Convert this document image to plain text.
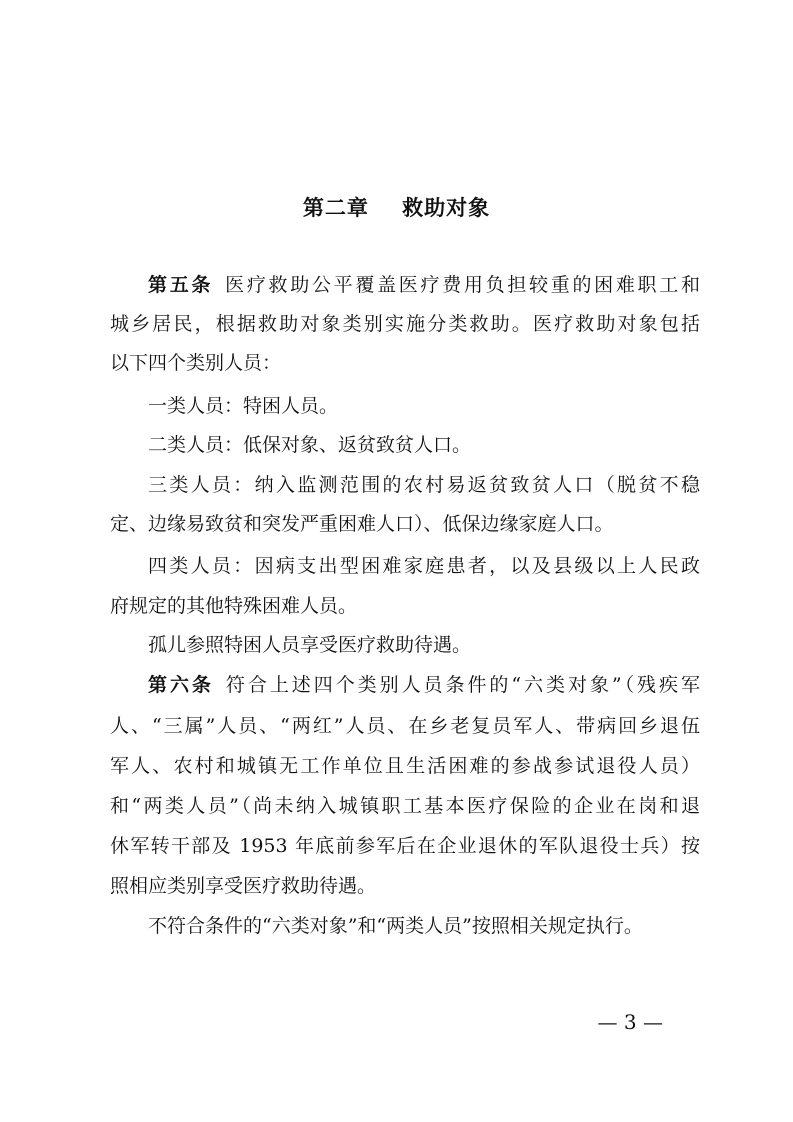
第二章    救助对象
第五条 医疗救助公平覆盖医疗费用负担较重的困难职工和
城乡居民，根据救助对象类别实施分类救助。医疗救助对象包括
以下四个类别人员：
一类人员：特困人员。
二类人员：低保对象、返贫致贫人口。
三类人员：纳入监测范围的农村易返贫致贫人口（脱贫不稳
定、边缘易致贫和突发严重困难人口）、低保边缘家庭人口。
四类人员：因病支出型困难家庭患者，以及县级以上人民政
府规定的其他特殊困难人员。
孤儿参照特困人员享受医疗救助待遇。
第六条 符合上述四个类别人员条件的“六类对象”（残疾军
人、“三属”人员、“两红”人员、在乡老复员军人、带病回乡退伍
军人、农村和城镇无工作单位且生活困难的参战参试退役人员）
和“两类人员”（尚未纳入城镇职工基本医疗保险的企业在岗和退
休军转干部及 1953 年底前参军后在企业退休的军队退役士兵）按
照相应类别享受医疗救助待遇。
不符合条件的“六类对象”和“两类人员”按照相关规定执行。
— 3 —
